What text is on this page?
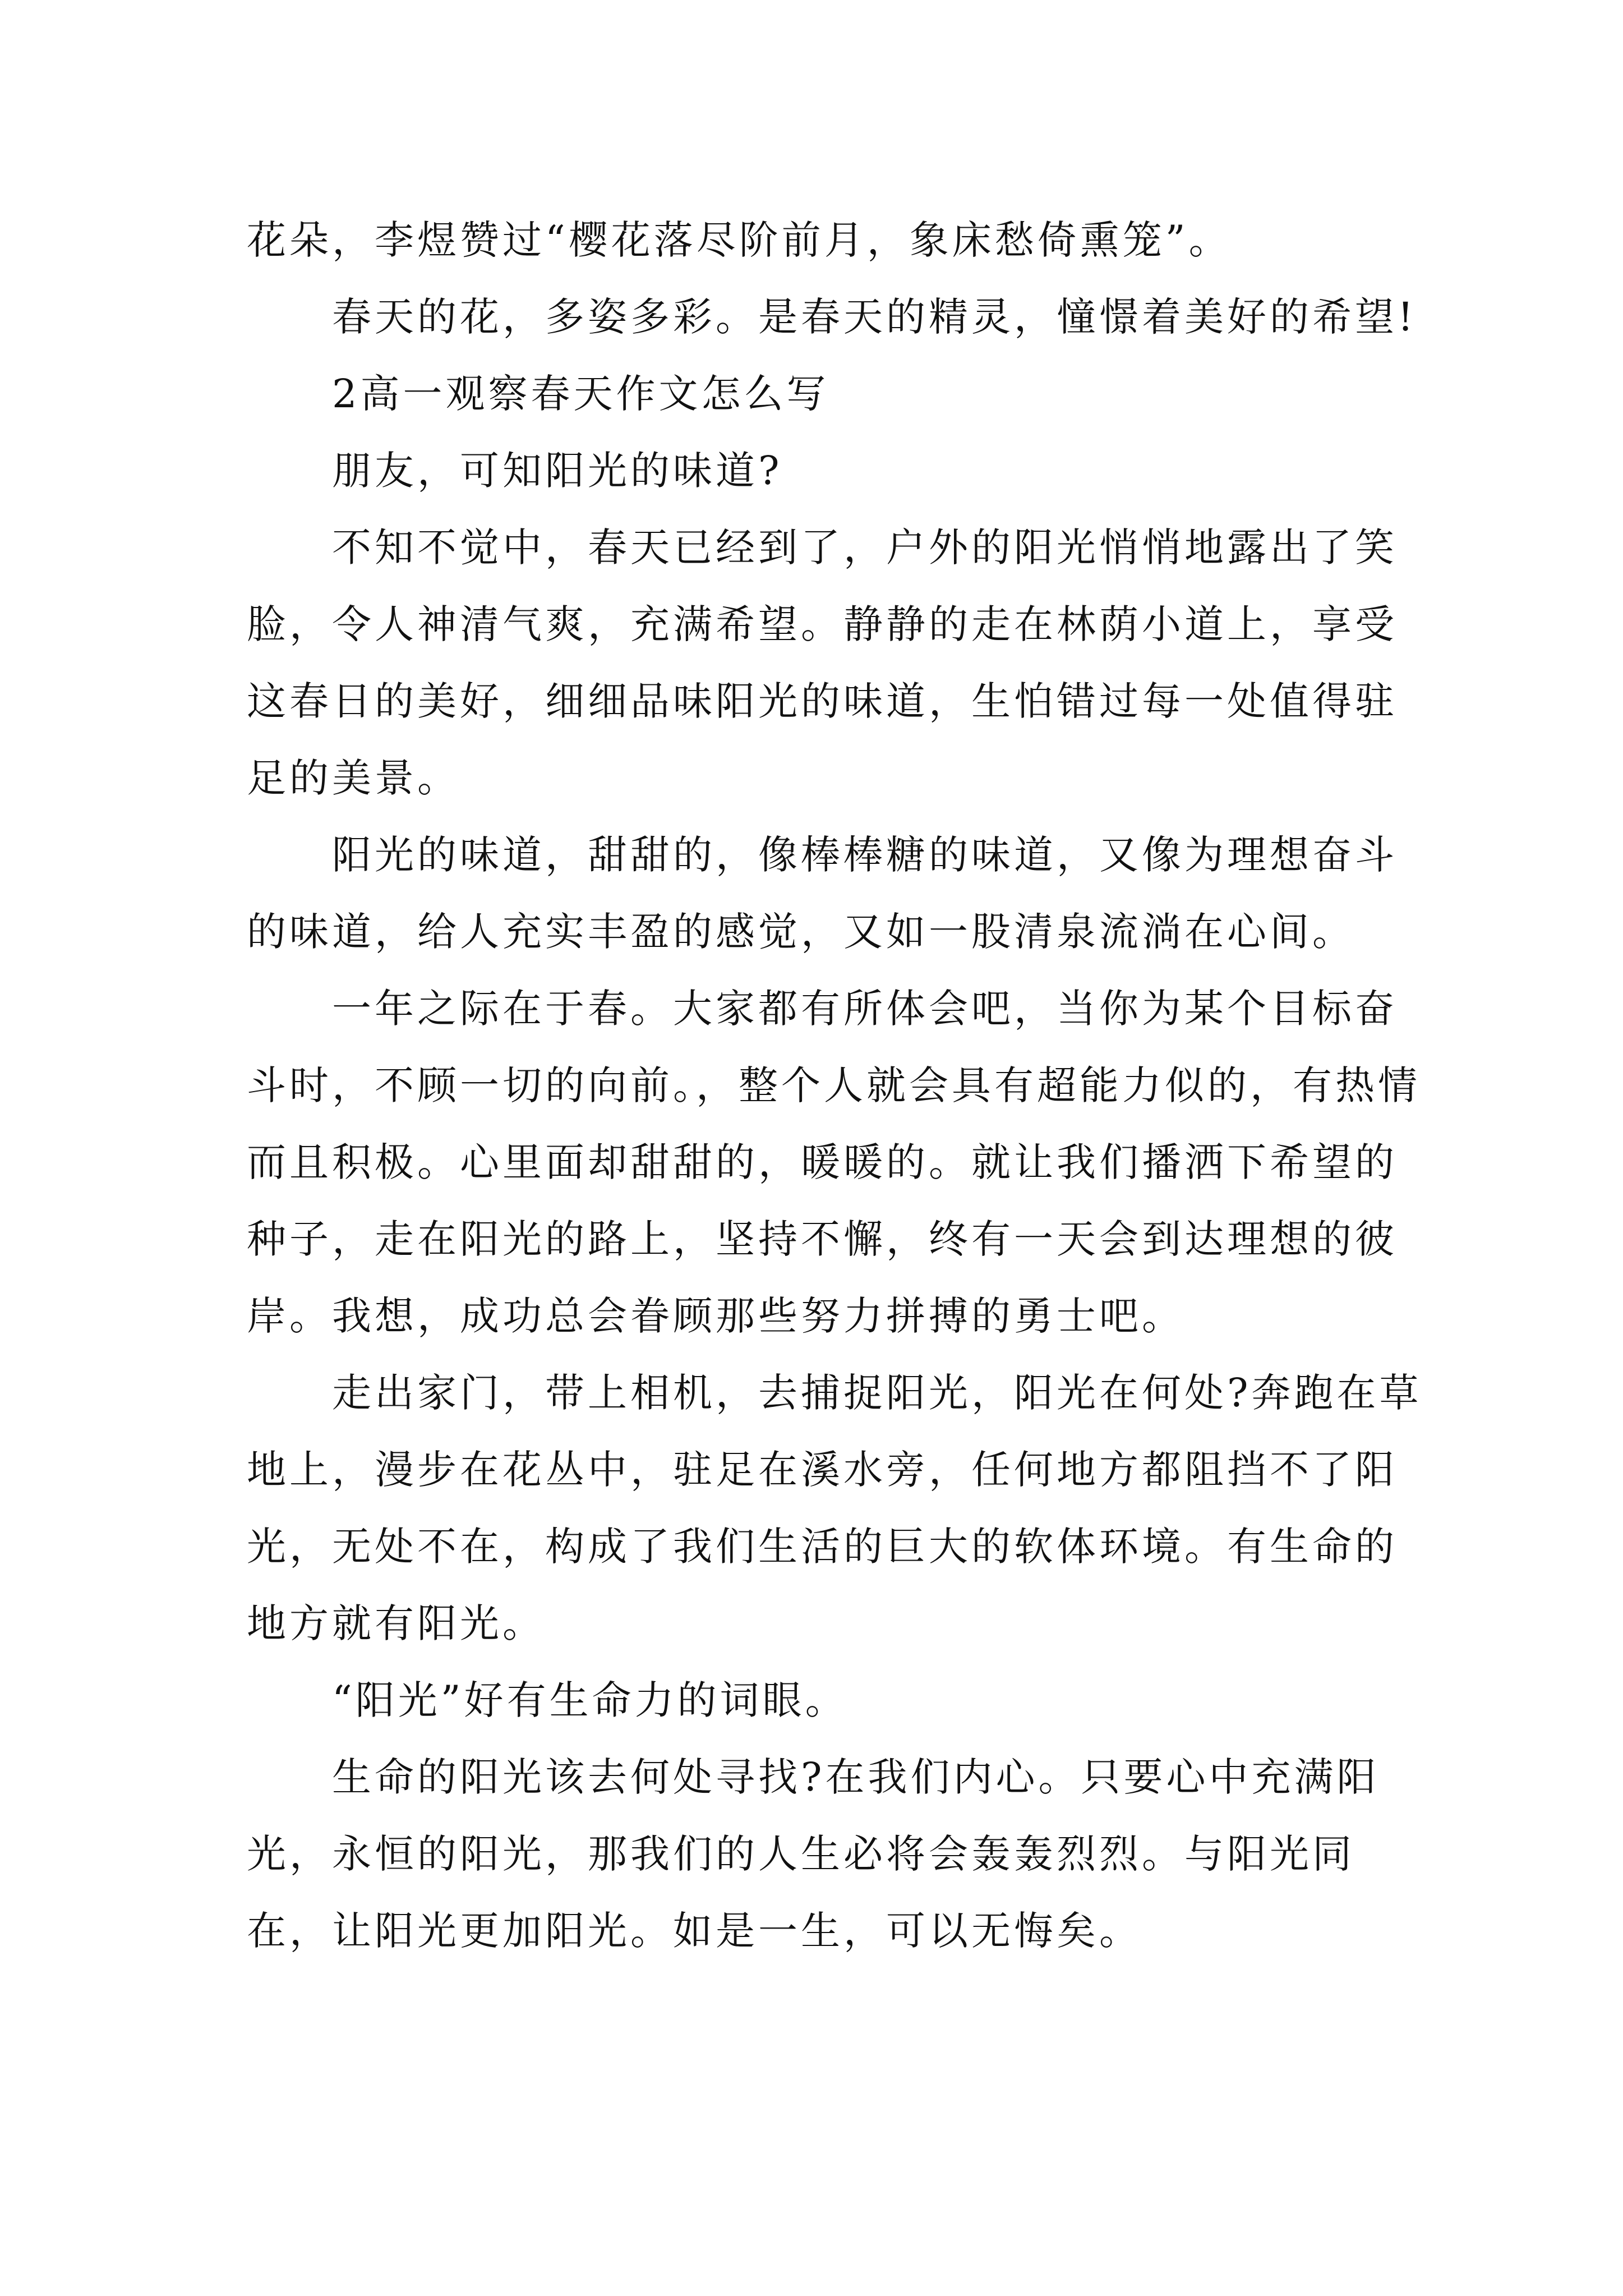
花朵，李煜赞过“樱花落尽阶前月，象床愁倚熏笼”。

春天的花，多姿多彩。是春天的精灵，憧憬着美好的希望!

2高一观察春天作文怎么写

朋友，可知阳光的味道?

不知不觉中，春天已经到了，户外的阳光悄悄地露出了笑脸，令人神清气爽，充满希望。静静的走在林荫小道上，享受这春日的美好，细细品味阳光的味道，生怕错过每一处值得驻足的美景。

阳光的味道，甜甜的，像棒棒糖的味道，又像为理想奋斗的味道，给人充实丰盈的感觉，又如一股清泉流淌在心间。

一年之际在于春。大家都有所体会吧，当你为某个目标奋斗时，不顾一切的向前。，整个人就会具有超能力似的，有热情而且积极。心里面却甜甜的，暖暖的。就让我们播洒下希望的种子，走在阳光的路上，坚持不懈，终有一天会到达理想的彼岸。我想，成功总会眷顾那些努力拼搏的勇士吧。

走出家门，带上相机，去捕捉阳光，阳光在何处?奔跑在草地上，漫步在花丛中，驻足在溪水旁，任何地方都阻挡不了阳光，无处不在，构成了我们生活的巨大的软体环境。有生命的地方就有阳光。

“阳光”好有生命力的词眼。

生命的阳光该去何处寻找?在我们内心。只要心中充满阳光，永恒的阳光，那我们的人生必将会轰轰烈烈。与阳光同在，让阳光更加阳光。如是一生，可以无悔矣。
